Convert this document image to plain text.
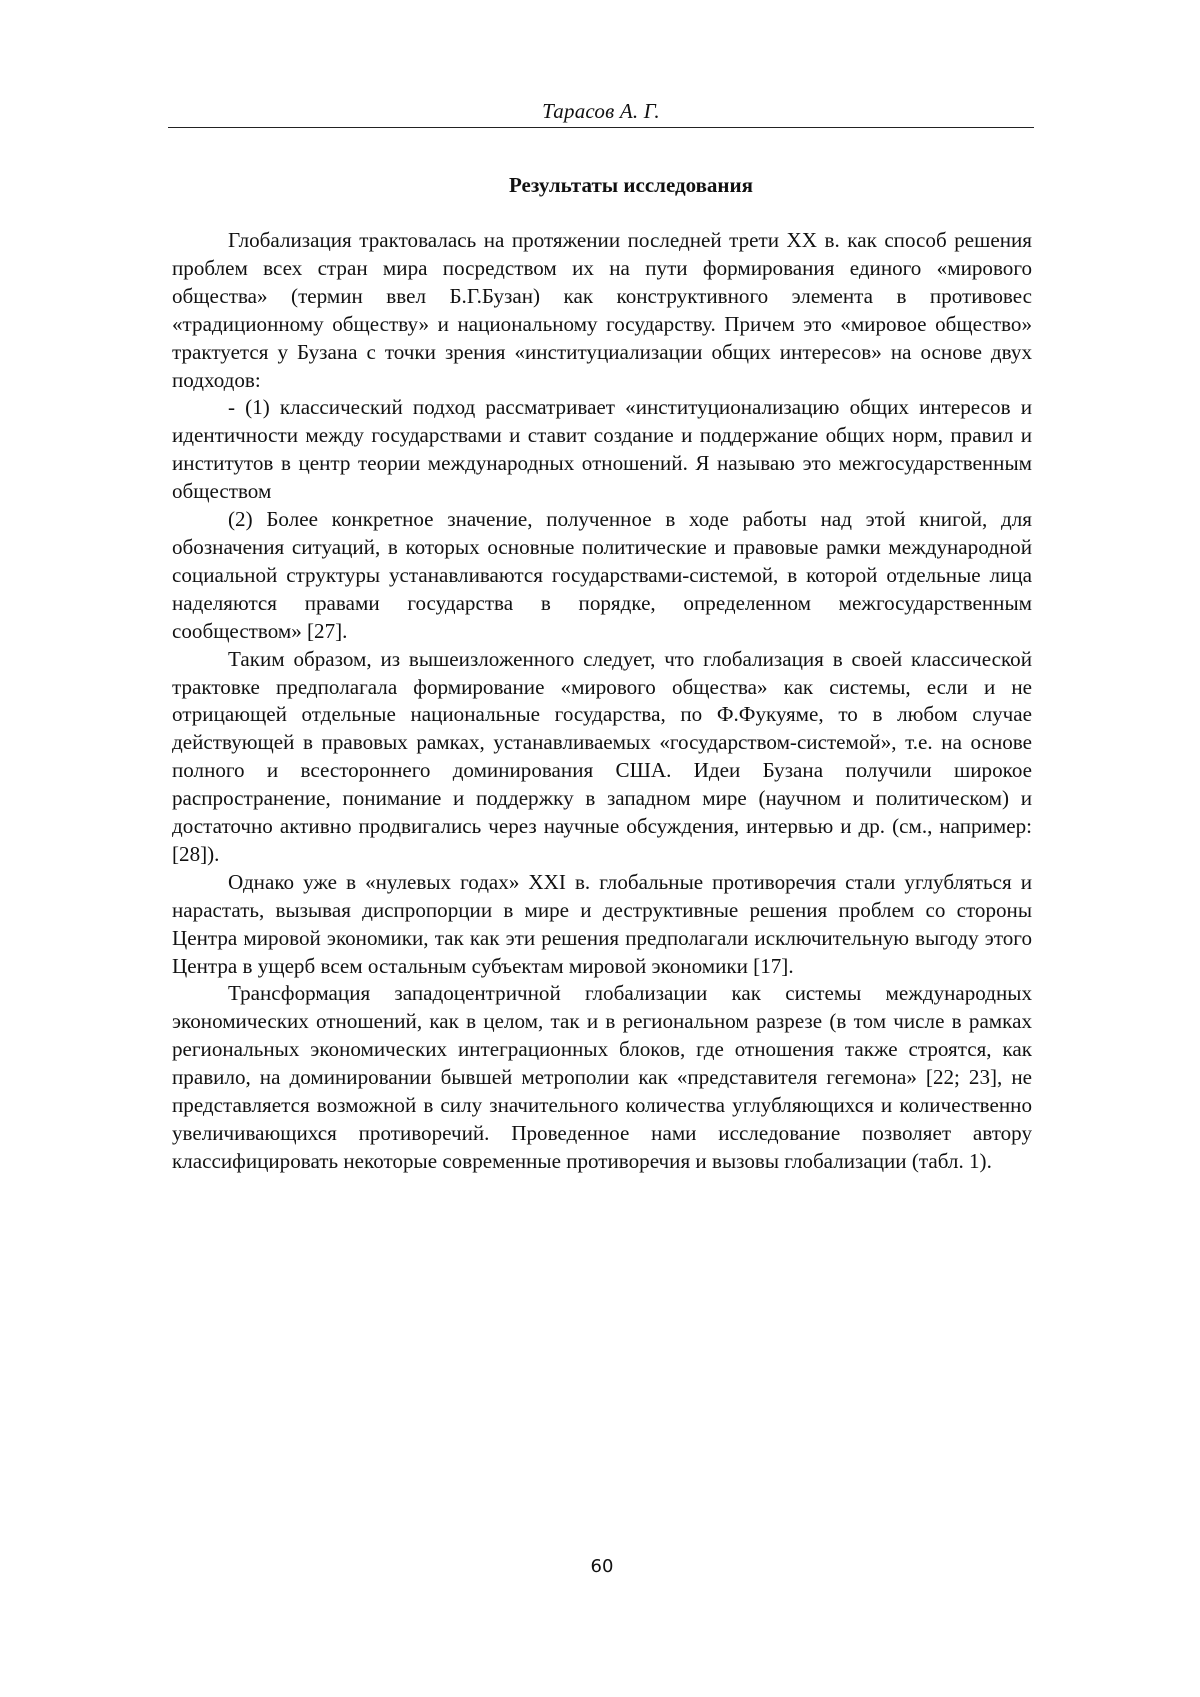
Тарасов А. Г.
Результаты исследования

Глобализация трактовалась на протяжении последней трети XX в. как способ решения проблем всех стран мира посредством их на пути формирования единого «мирового общества» (термин ввел Б.Г.Бузан) как конструктивного элемента в противовес «традиционному обществу» и национальному государству. Причем это «мировое общество» трактуется у Бузана с точки зрения «институциализации общих интересов» на основе двух подходов:

- (1) классический подход рассматривает «институционализацию общих интересов и идентичности между государствами и ставит создание и поддержание общих норм, правил и институтов в центр теории международных отношений. Я называю это межгосударственным обществом

(2) Более конкретное значение, полученное в ходе работы над этой книгой, для обозначения ситуаций, в которых основные политические и правовые рамки международной социальной структуры устанавливаются государствами-системой, в которой отдельные лица наделяются правами государства в порядке, определенном межгосударственным сообществом» [27].

Таким образом, из вышеизложенного следует, что глобализация в своей классической трактовке предполагала формирование «мирового общества» как системы, если и не отрицающей отдельные национальные государства, по Ф.Фукуяме, то в любом случае действующей в правовых рамках, устанавливаемых «государством-системой», т.е. на основе полного и всестороннего доминирования США. Идеи Бузана получили широкое распространение, понимание и поддержку в западном мире (научном и политическом) и достаточно активно продвигались через научные обсуждения, интервью и др. (см., например: [28]).

Однако уже в «нулевых годах» XXI в. глобальные противоречия стали углубляться и нарастать, вызывая диспропорции в мире и деструктивные решения проблем со стороны Центра мировой экономики, так как эти решения предполагали исключительную выгоду этого Центра в ущерб всем остальным субъектам мировой экономики [17].

Трансформация западоцентричной глобализации как системы международных экономических отношений, как в целом, так и в региональном разрезе (в том числе в рамках региональных экономических интеграционных блоков, где отношения также строятся, как правило, на доминировании бывшей метрополии как «представителя гегемона» [22; 23], не представляется возможной в силу значительного количества углубляющихся и количественно увеличивающихся противоречий. Проведенное нами исследование позволяет автору классифицировать некоторые современные противоречия и вызовы глобализации (табл. 1).

60
